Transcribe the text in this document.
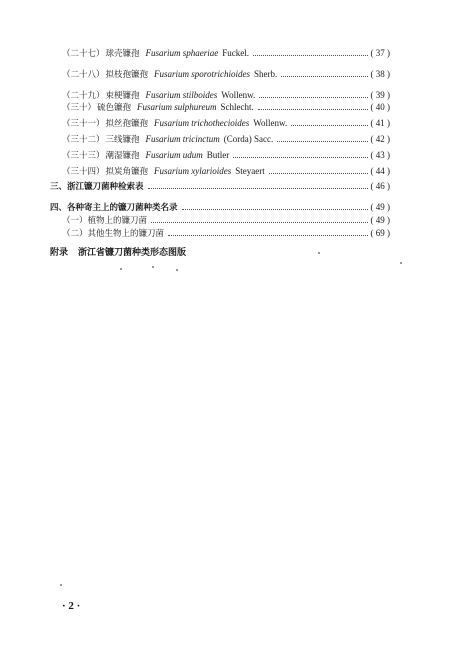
（二十七） 球壳镰孢 Fusarium sphaeriae Fuckel.	( 37 )
（二十八） 拟枝孢镰孢 Fusarium sporotrichioides Sherb.	( 38 )
（二十九） 束梗镰孢 Fusarium stilboides Wollenw.	( 39 )
（三十） 硫色镰孢 Fusarium sulphureum Schlecht.	( 40 )
（三十一） 拟丝孢镰孢 Fusarium trichothecioides Wollenw.	( 41 )
（三十二） 三线镰孢 Fusarium tricinctum (Corda) Sacc.	( 42 )
（三十三） 潮湿镰孢 Fusarium udum Butler	( 43 )
（三十四） 拟炭角镰孢 Fusarium xylarioides Steyaert	( 44 )
三、浙江镰刀菌种检索表	( 46 )
四、各种寄主上的镰刀菌种类名录	( 49 )
（一）植物上的镰刀菌	( 49 )
（二）其他生物上的镰刀菌	( 69 )
附录 浙江省镰刀菌种类形态图版
· 2 ·
